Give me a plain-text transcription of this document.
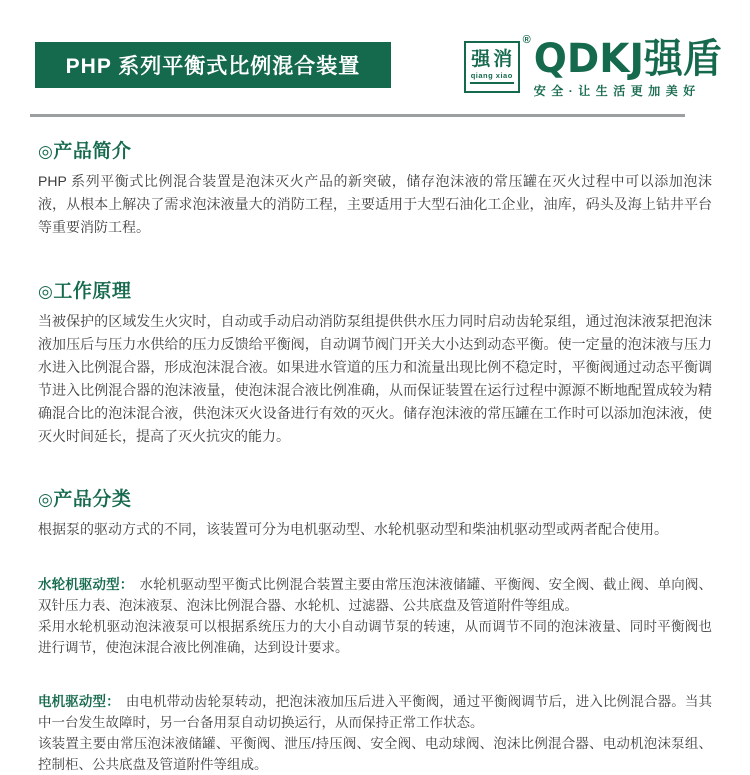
PHP 系列平衡式比例混合装置	强消
qiang xiao
® QDKJ强盾
安全·让生活更加美好
◎产品简介

PHP 系列平衡式比例混合装置是泡沫灭火产品的新突破，储存泡沫液的常压罐在灭火过程中可以添加泡沫液，从根本上解决了需求泡沫液量大的消防工程，主要适用于大型石油化工企业，油库，码头及海上钻井平台等重要消防工程。

◎工作原理

当被保护的区域发生火灾时，自动或手动启动消防泵组提供供水压力同时启动齿轮泵组，通过泡沫液泵把泡沫液加压后与压力水供给的压力反馈给平衡阀，自动调节阀门开关大小达到动态平衡。使一定量的泡沫液与压力水进入比例混合器，形成泡沫混合液。如果进水管道的压力和流量出现比例不稳定时，平衡阀通过动态平衡调节进入比例混合器的泡沫液量，使泡沫混合液比例准确，从而保证装置在运行过程中源源不断地配置成较为精确混合比的泡沫混合液，供泡沫灭火设备进行有效的灭火。储存泡沫液的常压罐在工作时可以添加泡沫液，使灭火时间延长，提高了灭火抗灾的能力。

◎产品分类

根据泵的驱动方式的不同，该装置可分为电机驱动型、水轮机驱动型和柴油机驱动型或两者配合使用。

水轮机驱动型： 水轮机驱动型平衡式比例混合装置主要由常压泡沫液储罐、平衡阀、安全阀、截止阀、单向阀、双针压力表、泡沫液泵、泡沫比例混合器、水轮机、过滤器、公共底盘及管道附件等组成。

采用水轮机驱动泡沫液泵可以根据系统压力的大小自动调节泵的转速，从而调节不同的泡沫液量、同时平衡阀也进行调节，使泡沫混合液比例准确，达到设计要求。

电机驱动型： 由电机带动齿轮泵转动，把泡沫液加压后进入平衡阀，通过平衡阀调节后，进入比例混合器。当其中一台发生故障时，另一台备用泵自动切换运行，从而保持正常工作状态。

该装置主要由常压泡沫液储罐、平衡阀、泄压/持压阀、安全阀、电动球阀、泡沫比例混合器、电动机泡沫泵组、控制柜、公共底盘及管道附件等组成。
